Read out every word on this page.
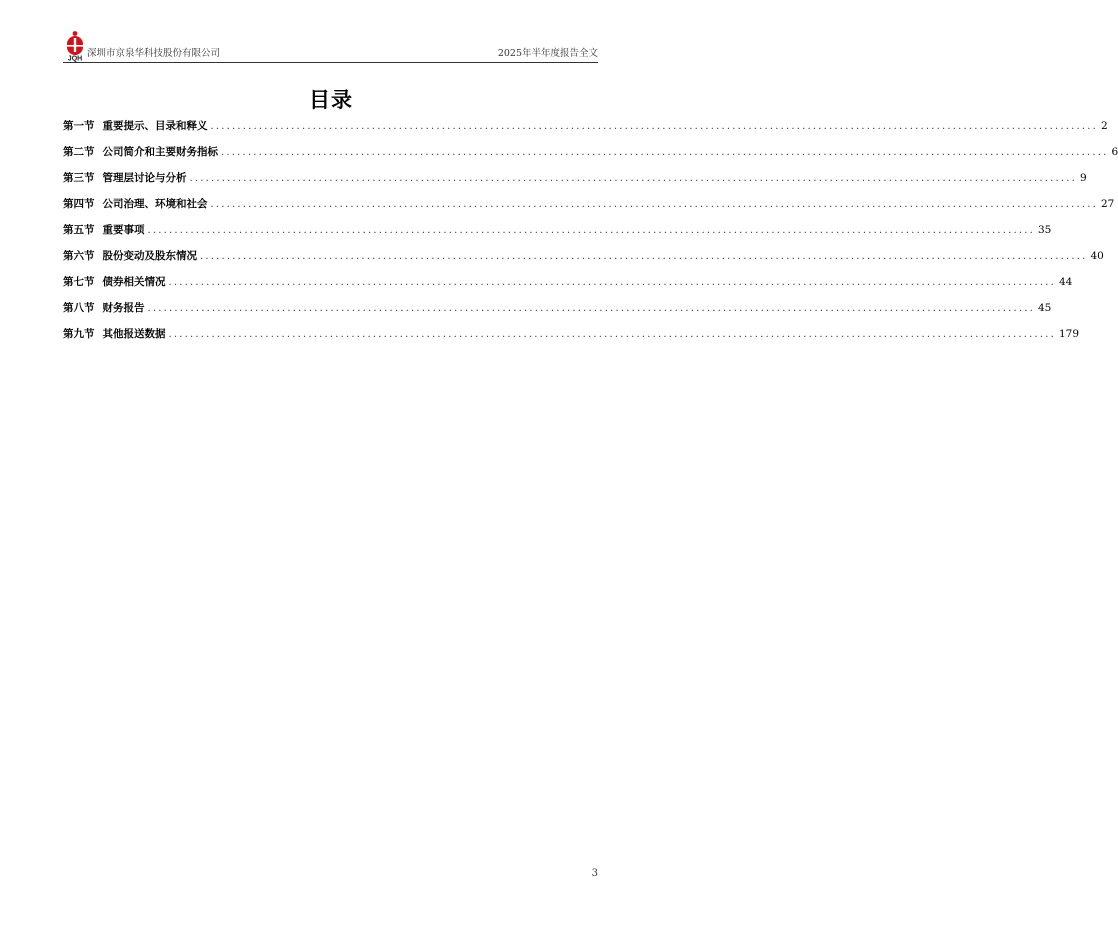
JQH 深圳市京泉华科技股份有限公司	2025年半年度报告全文
目录
第一节 重要提示、目录和释义 ..................................................................................................................................................................... 2
第二节 公司简介和主要财务指标 ..................................................................................................................................................................... 6
第三节 管理层讨论与分析 ..................................................................................................................................................................... 9
第四节 公司治理、环境和社会 ..................................................................................................................................................................... 27
第五节 重要事项 ..................................................................................................................................................................... 35
第六节 股份变动及股东情况 ..................................................................................................................................................................... 40
第七节 债券相关情况 ..................................................................................................................................................................... 44
第八节 财务报告 ..................................................................................................................................................................... 45
第九节 其他报送数据 ..................................................................................................................................................................... 179
3
